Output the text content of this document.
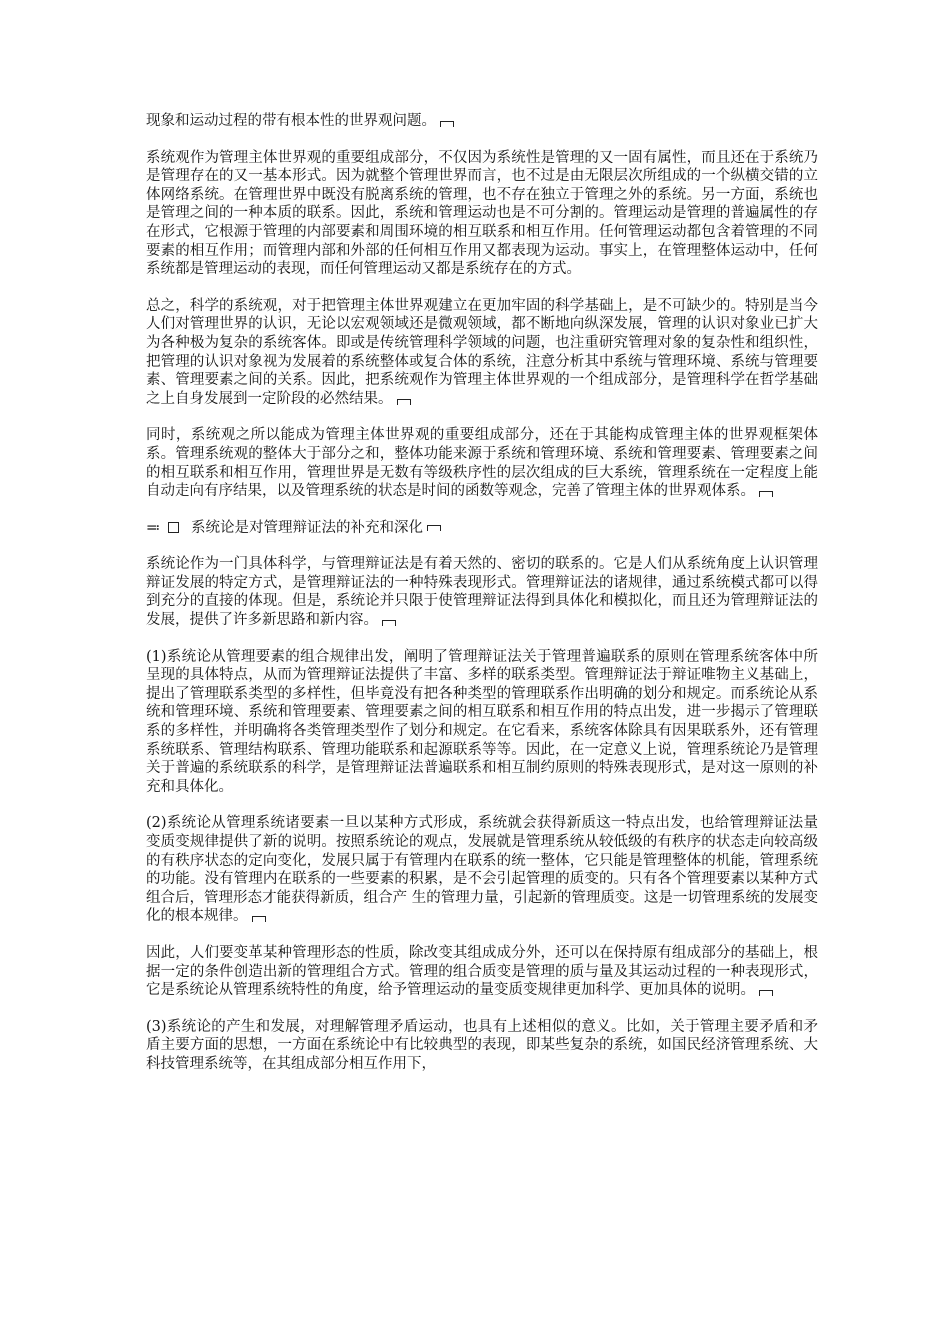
现象和运动过程的带有根本性的世界观问题。

系统观作为管理主体世界观的重要组成部分，不仅因为系统性是管理的又一固有属性，而且还在于系统乃是管理存在的又一基本形式。因为就整个管理世界而言，也不过是由无限层次所组成的一个纵横交错的立体网络系统。在管理世界中既没有脱离系统的管理，也不存在独立于管理之外的系统。另一方面，系统也是管理之间的一种本质的联系。因此，系统和管理运动也是不可分割的。管理运动是管理的普遍属性的存在形式，它根源于管理的内部要素和周围环境的相互联系和相互作用。任何管理运动都包含着管理的不同要素的相互作用；而管理内部和外部的任何相互作用又都表现为运动。事实上，在管理整体运动中，任何系统都是管理运动的表现，而任何管理运动又都是系统存在的方式。

总之，科学的系统观，对于把管理主体世界观建立在更加牢固的科学基础上，是不可缺少的。特别是当今人们对管理世界的认识，无论以宏观领域还是微观领域，都不断地向纵深发展，管理的认识对象业已扩大为各种极为复杂的系统客体。即或是传统管理科学领域的问题，也注重研究管理对象的复杂性和组织性，把管理的认识对象视为发展着的系统整体或复合体的系统，注意分析其中系统与管理环境、系统与管理要素、管理要素之间的关系。因此，把系统观作为管理主体世界观的一个组成部分，是管理科学在哲学基础之上自身发展到一定阶段的必然结果。

同时，系统观之所以能成为管理主体世界观的重要组成部分，还在于其能构成管理主体的世界观框架体系。管理系统观的整体大于部分之和，整体功能来源于系统和管理环境、系统和管理要素、管理要素之间的相互联系和相互作用，管理世界是无数有等级秩序性的层次组成的巨大系统，管理系统在一定程度上能自动走向有序结果，以及管理系统的状态是时间的函数等观念，完善了管理主体的世界观体系。

≕ 系统论是对管理辩证法的补充和深化

系统论作为一门具体科学，与管理辩证法是有着天然的、密切的联系的。它是人们从系统角度上认识管理辩证发展的特定方式，是管理辩证法的一种特殊表现形式。管理辩证法的诸规律，通过系统模式都可以得到充分的直接的体现。但是，系统论并只限于使管理辩证法得到具体化和模拟化，而且还为管理辩证法的发展，提供了许多新思路和新内容。

(1)系统论从管理要素的组合规律出发，阐明了管理辩证法关于管理普遍联系的原则在管理系统客体中所呈现的具体特点，从而为管理辩证法提供了丰富、多样的联系类型。管理辩证法于辩证唯物主义基础上，提出了管理联系类型的多样性，但毕竟没有把各种类型的管理联系作出明确的划分和规定。而系统论从系统和管理环境、系统和管理要素、管理要素之间的相互联系和相互作用的特点出发，进一步揭示了管理联系的多样性，并明确将各类管理类型作了划分和规定。在它看来，系统客体除具有因果联系外，还有管理系统联系、管理结构联系、管理功能联系和起源联系等等。因此，在一定意义上说，管理系统论乃是管理关于普遍的系统联系的科学，是管理辩证法普遍联系和相互制约原则的特殊表现形式，是对这一原则的补充和具体化。

(2)系统论从管理系统诸要素一旦以某种方式形成，系统就会获得新质这一特点出发，也给管理辩证法量变质变规律提供了新的说明。按照系统论的观点，发展就是管理系统从较低级的有秩序的状态走向较高级的有秩序状态的定向变化，发展只属于有管理内在联系的统一整体，它只能是管理整体的机能，管理系统的功能。没有管理内在联系的一些要素的积累，是不会引起管理的质变的。只有各个管理要素以某种方式组合后，管理形态才能获得新质，组合产 生的管理力量，引起新的管理质变。这是一切管理系统的发展变化的根本规律。

因此，人们要变革某种管理形态的性质，除改变其组成成分外，还可以在保持原有组成部分的基础上，根据一定的条件创造出新的管理组合方式。管理的组合质变是管理的质与量及其运动过程的一种表现形式，它是系统论从管理系统特性的角度，给予管理运动的量变质变规律更加科学、更加具体的说明。

(3)系统论的产生和发展，对理解管理矛盾运动，也具有上述相似的意义。比如，关于管理主要矛盾和矛盾主要方面的思想，一方面在系统论中有比较典型的表现，即某些复杂的系统，如国民经济管理系统、大科技管理系统等，在其组成部分相互作用下，
